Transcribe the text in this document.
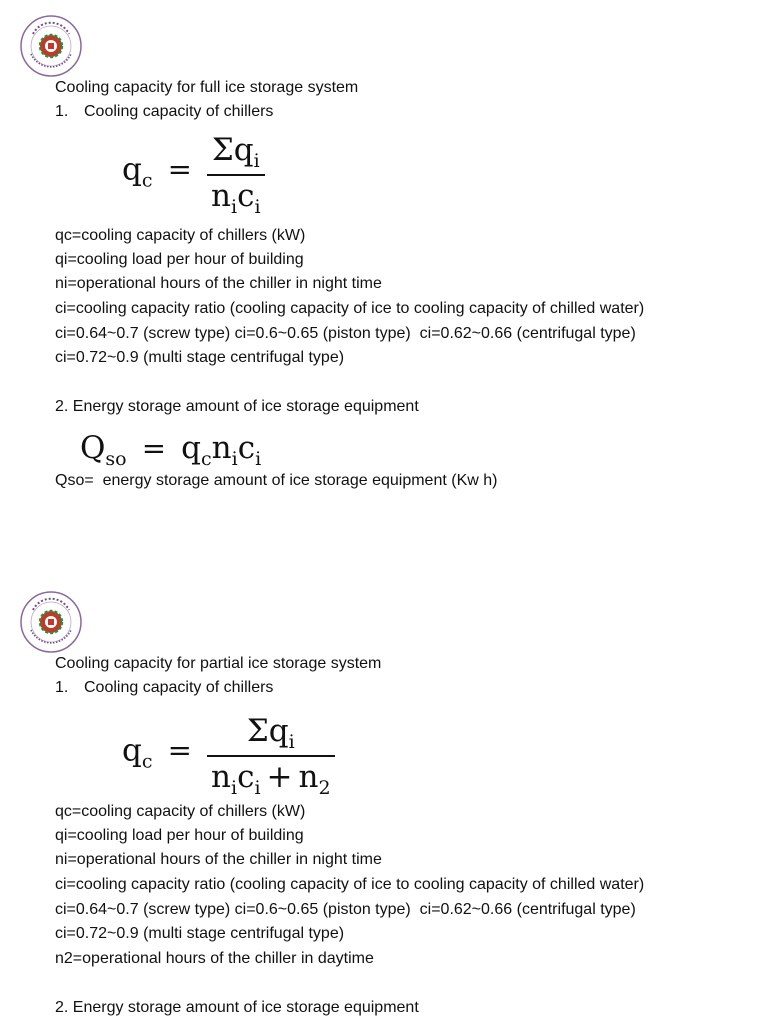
Cooling capacity for full ice storage system
1. Cooling capacity of chillers
$q_c = \frac{\Sigma q_i}{n_ic_i}$
qc=cooling capacity of chillers (kW)
qi=cooling load per hour of building
ni=operational hours of the chiller in night time
ci=cooling capacity ratio (cooling capacity of ice to cooling capacity of chilled water)
ci=0.64~0.7 (screw type) ci=0.6~0.65 (piston type)  ci=0.62~0.66 (centrifugal type)
ci=0.72~0.9 (multi stage centrifugal type)
2. Energy storage amount of ice storage equipment
$Q_{so} = q_cn_ic_i$
Qso=  energy storage amount of ice storage equipment (Kw h)
Cooling capacity for partial ice storage system
1. Cooling capacity of chillers
$q_c = \frac{\Sigma q_i}{n_ic_i + n_2}$
qc=cooling capacity of chillers (kW)
qi=cooling load per hour of building
ni=operational hours of the chiller in night time
ci=cooling capacity ratio (cooling capacity of ice to cooling capacity of chilled water)
ci=0.64~0.7 (screw type) ci=0.6~0.65 (piston type)  ci=0.62~0.66 (centrifugal type)
ci=0.72~0.9 (multi stage centrifugal type)
n2=operational hours of the chiller in daytime
2. Energy storage amount of ice storage equipment
